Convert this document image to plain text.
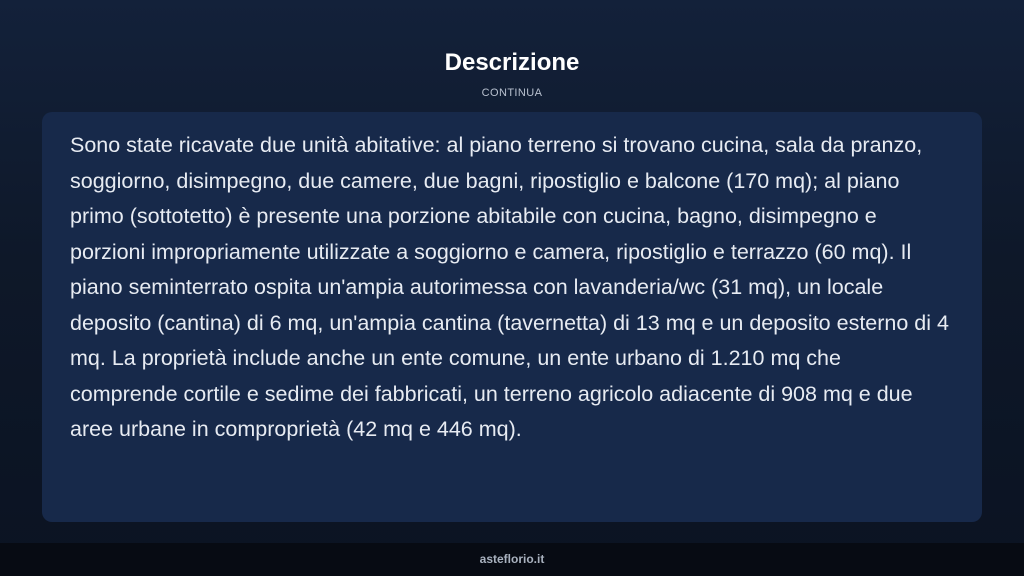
Descrizione
CONTINUA

Sono state ricavate due unità abitative: al piano terreno si trovano cucina, sala da pranzo, soggiorno, disimpegno, due camere, due bagni, ripostiglio e balcone (170 mq); al piano primo (sottotetto) è presente una porzione abitabile con cucina, bagno, disimpegno e porzioni impropriamente utilizzate a soggiorno e camera, ripostiglio e terrazzo (60 mq). Il piano seminterrato ospita un'ampia autorimessa con lavanderia/wc (31 mq), un locale deposito (cantina) di 6 mq, un'ampia cantina (tavernetta) di 13 mq e un deposito esterno di 4 mq. La proprietà include anche un ente comune, un ente urbano di 1.210 mq che comprende cortile e sedime dei fabbricati, un terreno agricolo adiacente di 908 mq e due aree urbane in comproprietà (42 mq e 446 mq).

asteflorio.it
